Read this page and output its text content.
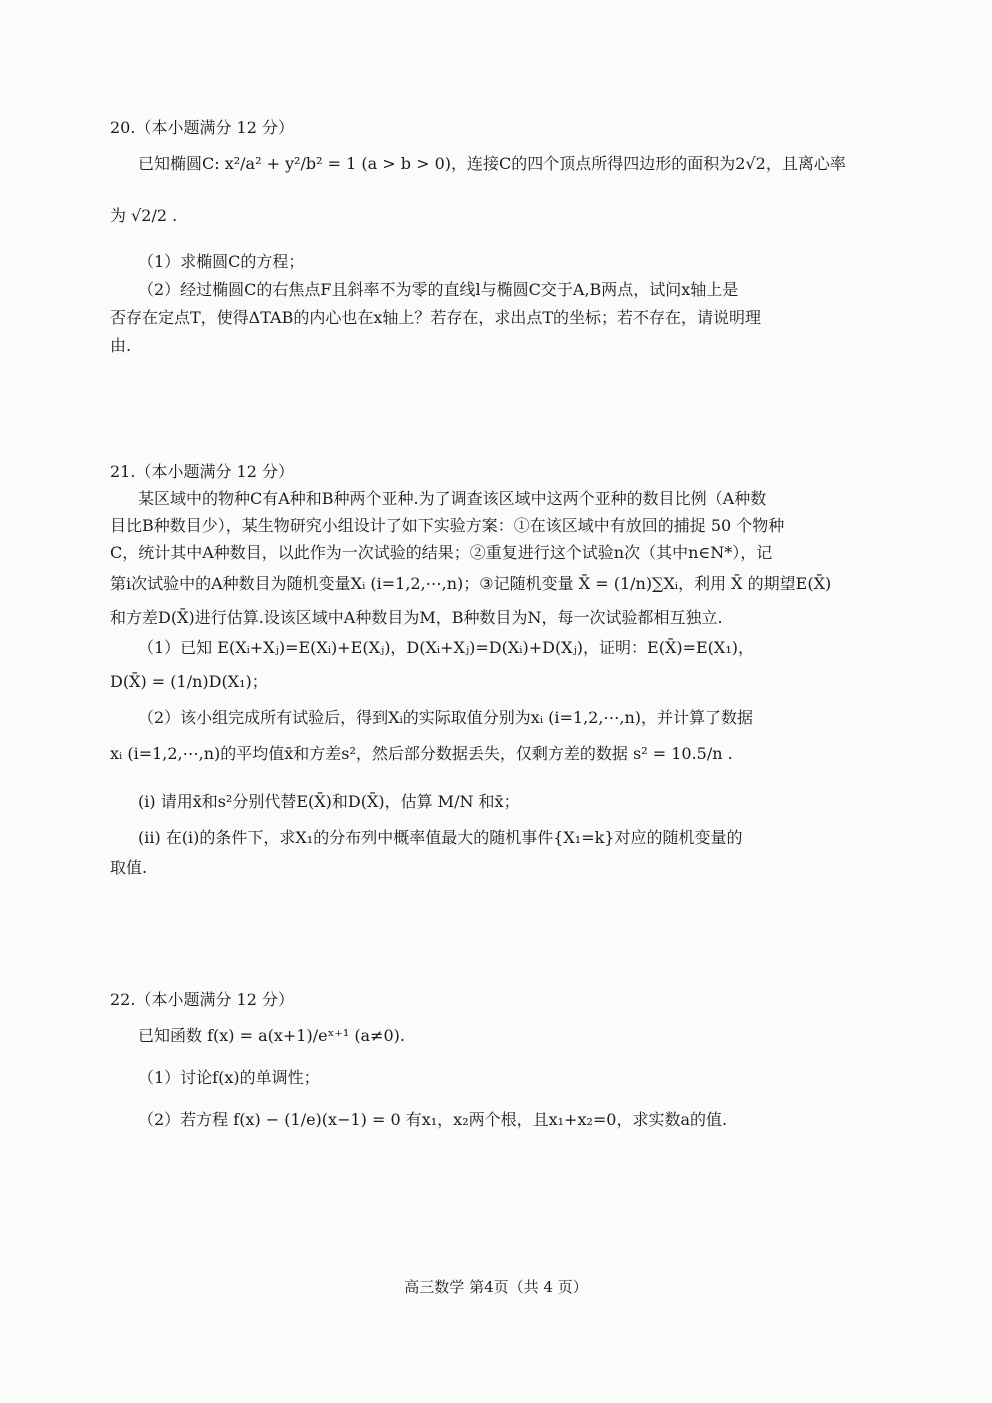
20.（本小题满分 12 分）
已知椭圆C: x²/a² + y²/b² = 1 (a > b > 0)，连接C的四个顶点所得四边形的面积为2√2，且离心率
为 √2/2 .
（1）求椭圆C的方程；
（2）经过椭圆C的右焦点F且斜率不为零的直线l与椭圆C交于A,B两点，试问x轴上是
否存在定点T，使得ΔTAB的内心也在x轴上？若存在，求出点T的坐标；若不存在，请说明理
由.
21.（本小题满分 12 分）
某区域中的物种C有A种和B种两个亚种.为了调查该区域中这两个亚种的数目比例（A种数
目比B种数目少），某生物研究小组设计了如下实验方案：①在该区域中有放回的捕捉 50 个物种
C，统计其中A种数目，以此作为一次试验的结果；②重复进行这个试验n次（其中n∈N*），记
第i次试验中的A种数目为随机变量Xᵢ (i=1,2,⋯,n)；③记随机变量 X̄ = (1/n)∑Xᵢ，利用 X̄ 的期望E(X̄)
和方差D(X̄)进行估算.设该区域中A种数目为M，B种数目为N，每一次试验都相互独立.
（1）已知 E(Xᵢ+Xⱼ)=E(Xᵢ)+E(Xⱼ)，D(Xᵢ+Xⱼ)=D(Xᵢ)+D(Xⱼ)，证明：E(X̄)=E(X₁)，
D(X̄) = (1/n)D(X₁)；
（2）该小组完成所有试验后，得到Xᵢ的实际取值分别为xᵢ (i=1,2,⋯,n)，并计算了数据
xᵢ (i=1,2,⋯,n)的平均值x̄和方差s²，然后部分数据丢失，仅剩方差的数据 s² = 10.5/n .
(i) 请用x̄和s²分别代替E(X̄)和D(X̄)，估算 M/N 和x̄；
(ii) 在(i)的条件下，求X₁的分布列中概率值最大的随机事件{X₁=k}对应的随机变量的
取值.
22.（本小题满分 12 分）
已知函数 f(x) = a(x+1)/eˣ⁺¹ (a≠0).
（1）讨论f(x)的单调性；
（2）若方程 f(x) − (1/e)(x−1) = 0 有x₁，x₂两个根，且x₁+x₂=0，求实数a的值.
高三数学 第4页（共 4 页）
